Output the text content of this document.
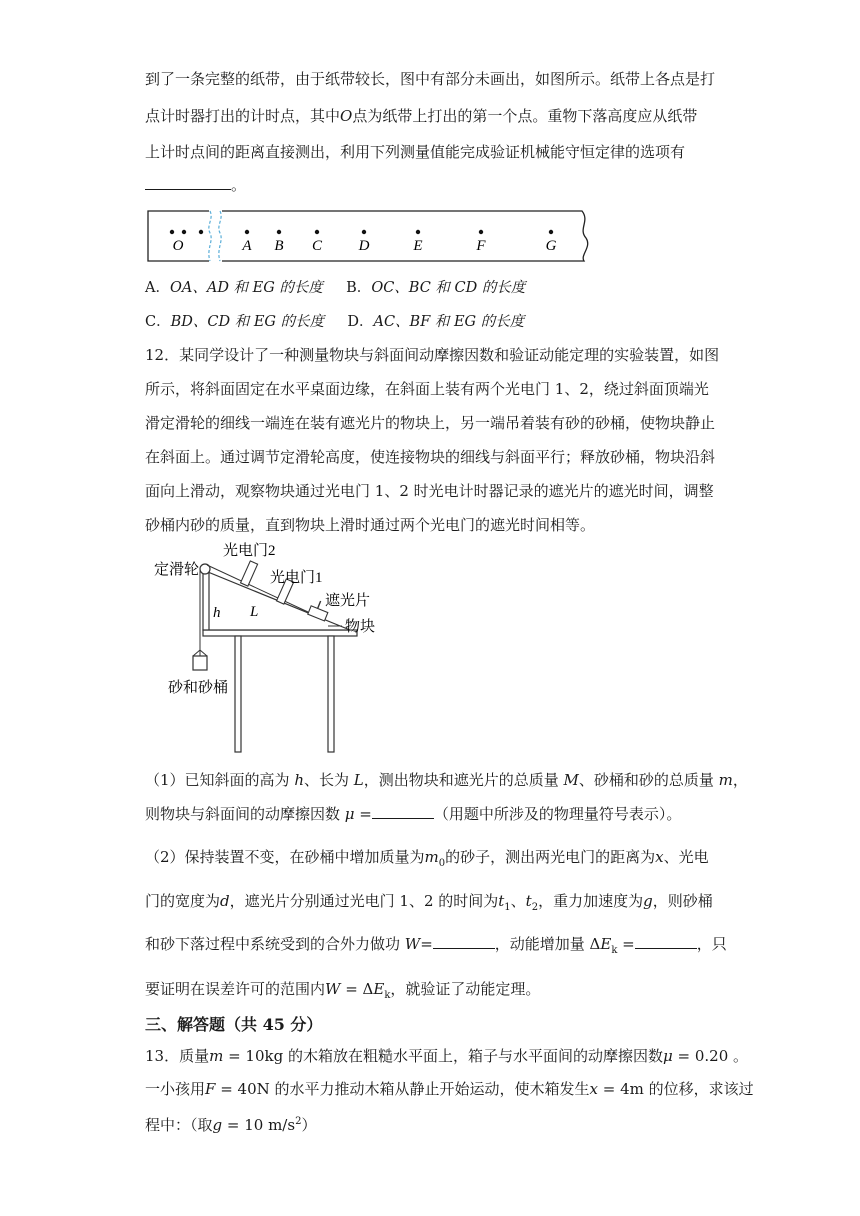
到了一条完整的纸带，由于纸带较长，图中有部分未画出，如图所示。纸带上各点是打
点计时器打出的计时点，其中O点为纸带上打出的第一个点。重物下落高度应从纸带
上计时点间的距离直接测出，利用下列测量值能完成验证机械能守恒定律的选项有
。
O	A B C D	E	F	G
A．OA、AD 和 EG 的长度 B．OC、BC 和 CD 的长度
C．BD、CD 和 EG 的长度 D．AC、BF 和 EG 的长度
12．某同学设计了一种测量物块与斜面间动摩擦因数和验证动能定理的实验装置，如图
所示，将斜面固定在水平桌面边缘，在斜面上装有两个光电门 1、2，绕过斜面顶端光
滑定滑轮的细线一端连在装有遮光片的物块上，另一端吊着装有砂的砂桶，使物块静止
在斜面上。通过调节定滑轮高度，使连接物块的细线与斜面平行；释放砂桶，物块沿斜
面向上滑动，观察物块通过光电门 1、2 时光电计时器记录的遮光片的遮光时间，调整
砂桶内砂的质量，直到物块上滑时通过两个光电门的遮光时间相等。
定滑轮
光电门2
光电门1
遮光片
物块
h L
砂和砂桶
（1）已知斜面的高为 h、长为 L，测出物块和遮光片的总质量 M、砂桶和砂的总质量 m，
则物块与斜面间的动摩擦因数 μ =	（用题中所涉及的物理量符号表示）。
（2）保持装置不变，在砂桶中增加质量为$m_0$的砂子，测出两光电门的距离为x、光电
门的宽度为d，遮光片分别通过光电门 1、2 的时间为$t_1$、$t_2$，重力加速度为g，则砂桶
和砂下落过程中系统受到的合外力做功 W=	，动能增加量 $\Delta E_k$ =	，只
要证明在误差许可的范围内$W = \Delta E_k$，就验证了动能定理。
三、解答题（共 45 分）
13．质量m = 10kg 的木箱放在粗糙水平面上，箱子与水平面间的动摩擦因数μ = 0.20 。
一小孩用F = 40N 的水平力推动木箱从静止开始运动，使木箱发生x = 4m 的位移，求该过
程中：（取g = 10 $m/s^2$）
